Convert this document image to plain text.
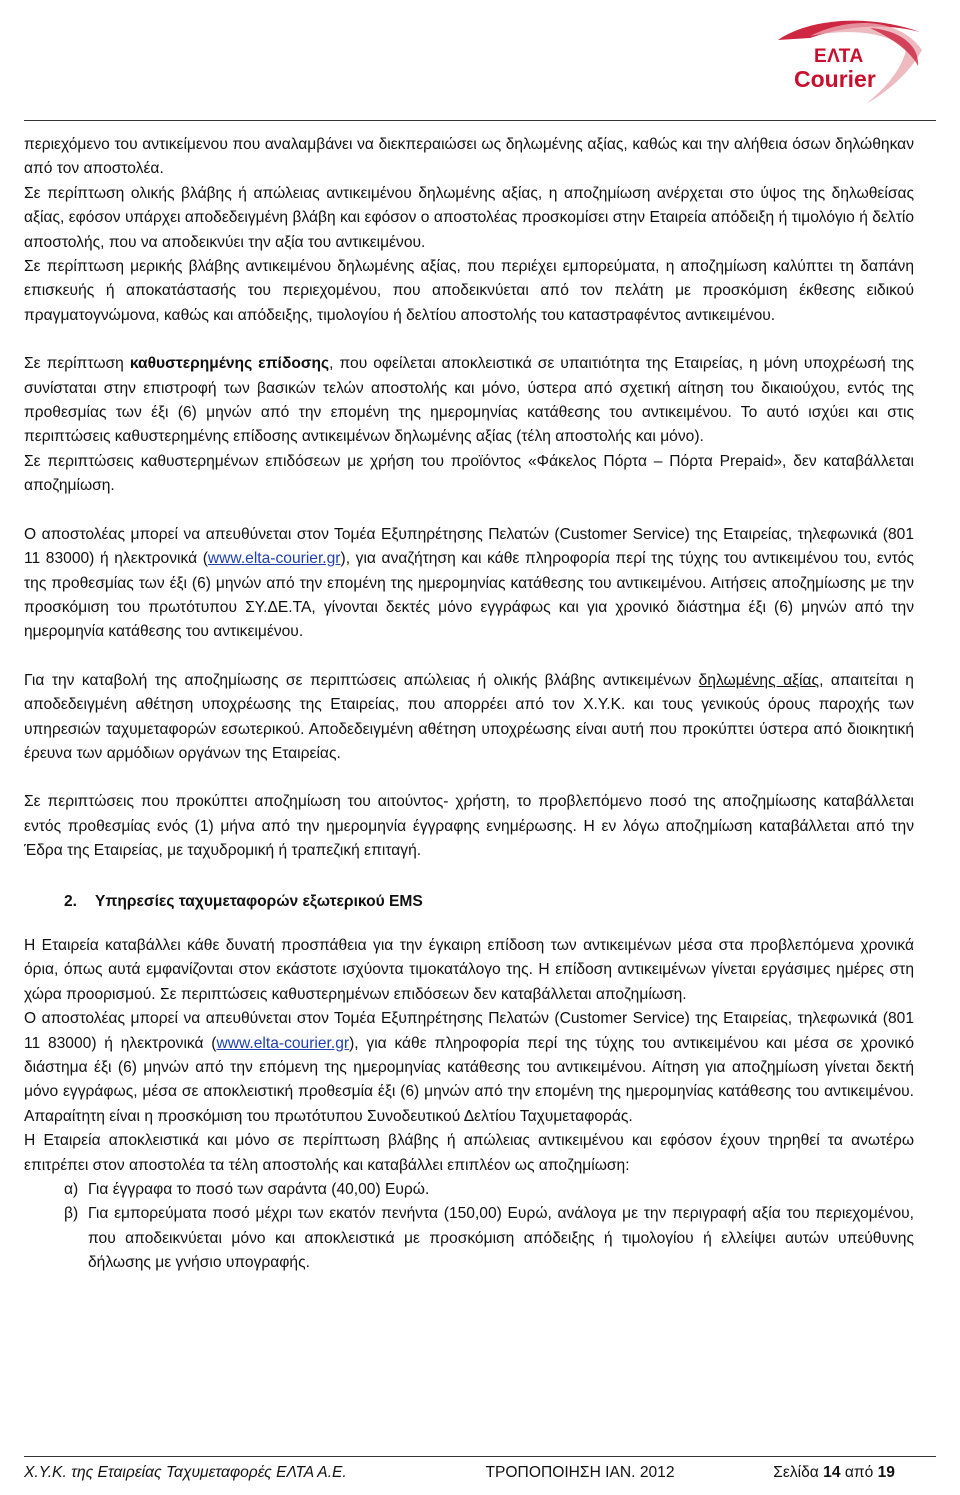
ΕΛΤΑ
Courier

περιεχόμενο του αντικείμενου που αναλαμβάνει να διεκπεραιώσει ως δηλωμένης αξίας, καθώς και την αλήθεια όσων δηλώθηκαν από τον αποστολέα.

Σε περίπτωση ολικής βλάβης ή απώλειας αντικειμένου δηλωμένης αξίας, η αποζημίωση ανέρχεται στο ύψος της δηλωθείσας αξίας, εφόσον υπάρχει αποδεδειγμένη βλάβη και εφόσον ο αποστολέας προσκομίσει στην Εταιρεία απόδειξη ή τιμολόγιο ή δελτίο αποστολής, που να αποδεικνύει την αξία του αντικειμένου.

Σε περίπτωση μερικής βλάβης αντικειμένου δηλωμένης αξίας, που περιέχει εμπορεύματα, η αποζημίωση καλύπτει τη δαπάνη επισκευής ή αποκατάστασής του περιεχομένου, που αποδεικνύεται από τον πελάτη με προσκόμιση έκθεσης ειδικού πραγματογνώμονα, καθώς και απόδειξης, τιμολογίου ή δελτίου αποστολής του καταστραφέντος αντικειμένου.

Σε περίπτωση καθυστερημένης επίδοσης, που οφείλεται αποκλειστικά σε υπαιτιότητα της Εταιρείας, η μόνη υποχρέωσή της συνίσταται στην επιστροφή των βασικών τελών αποστολής και μόνο, ύστερα από σχετική αίτηση του δικαιούχου, εντός της προθεσμίας των έξι (6) μηνών από την επομένη της ημερομηνίας κατάθεσης του αντικειμένου. Το αυτό ισχύει και στις περιπτώσεις καθυστερημένης επίδοσης αντικειμένων δηλωμένης αξίας (τέλη αποστολής και μόνο).

Σε περιπτώσεις καθυστερημένων επιδόσεων με χρήση του προϊόντος «Φάκελος Πόρτα – Πόρτα Prepaid», δεν καταβάλλεται αποζημίωση.

Ο αποστολέας μπορεί να απευθύνεται στον Τομέα Εξυπηρέτησης Πελατών (Customer Service) της Εταιρείας, τηλεφωνικά (801 11 83000) ή ηλεκτρονικά (www.elta-courier.gr), για αναζήτηση και κάθε πληροφορία περί της τύχης του αντικειμένου του, εντός της προθεσμίας των έξι (6) μηνών από την επομένη της ημερομηνίας κατάθεσης του αντικειμένου. Αιτήσεις αποζημίωσης με την προσκόμιση του πρωτότυπου ΣΥ.ΔΕ.ΤΑ, γίνονται δεκτές μόνο εγγράφως και για χρονικό διάστημα έξι (6) μηνών από την ημερομηνία κατάθεσης του αντικειμένου.

Για την καταβολή της αποζημίωσης σε περιπτώσεις απώλειας ή ολικής βλάβης αντικειμένων δηλωμένης αξίας, απαιτείται η αποδεδειγμένη αθέτηση υποχρέωσης της Εταιρείας, που απορρέει από τον Χ.Υ.Κ. και τους γενικούς όρους παροχής των υπηρεσιών ταχυμεταφορών εσωτερικού. Αποδεδειγμένη αθέτηση υποχρέωσης είναι αυτή που προκύπτει ύστερα από διοικητική έρευνα των αρμόδιων οργάνων της Εταιρείας.

Σε περιπτώσεις που προκύπτει αποζημίωση του αιτούντος- χρήστη, το προβλεπόμενο ποσό της αποζημίωσης καταβάλλεται εντός προθεσμίας ενός (1) μήνα από την ημερομηνία έγγραφης ενημέρωσης. Η εν λόγω αποζημίωση καταβάλλεται από την Έδρα της Εταιρείας, με ταχυδρομική ή τραπεζική επιταγή.

2. Υπηρεσίες ταχυμεταφορών εξωτερικού EMS

Η Εταιρεία καταβάλλει κάθε δυνατή προσπάθεια για την έγκαιρη επίδοση των αντικειμένων μέσα στα προβλεπόμενα χρονικά όρια, όπως αυτά εμφανίζονται στον εκάστοτε ισχύοντα τιμοκατάλογο της. Η επίδοση αντικειμένων γίνεται εργάσιμες ημέρες στη χώρα προορισμού. Σε περιπτώσεις καθυστερημένων επιδόσεων δεν καταβάλλεται αποζημίωση.

Ο αποστολέας μπορεί να απευθύνεται στον Τομέα Εξυπηρέτησης Πελατών (Customer Service) της Εταιρείας, τηλεφωνικά (801 11 83000) ή ηλεκτρονικά (www.elta-courier.gr), για κάθε πληροφορία περί της τύχης του αντικειμένου και μέσα σε χρονικό διάστημα έξι (6) μηνών από την επόμενη της ημερομηνίας κατάθεσης του αντικειμένου. Αίτηση για αποζημίωση γίνεται δεκτή μόνο εγγράφως, μέσα σε αποκλειστική προθεσμία έξι (6) μηνών από την επομένη της ημερομηνίας κατάθεσης του αντικειμένου. Απαραίτητη είναι η προσκόμιση του πρωτότυπου Συνοδευτικού Δελτίου Ταχυμεταφοράς.

Η Εταιρεία αποκλειστικά και μόνο σε περίπτωση βλάβης ή απώλειας αντικειμένου και εφόσον έχουν τηρηθεί τα ανωτέρω επιτρέπει στον αποστολέα τα τέλη αποστολής και καταβάλλει επιπλέον ως αποζημίωση:

α) Για έγγραφα το ποσό των σαράντα (40,00) Ευρώ.
β) Για εμπορεύματα ποσό μέχρι των εκατόν πενήντα (150,00) Ευρώ, ανάλογα με την περιγραφή αξία του περιεχομένου, που αποδεικνύεται μόνο και αποκλειστικά με προσκόμιση απόδειξης ή τιμολογίου ή ελλείψει αυτών υπεύθυνης δήλωσης με γνήσιο υπογραφής.
Χ.Υ.Κ. της Εταιρείας Ταχυμεταφορές ΕΛΤΑ Α.Ε.	ΤΡΟΠΟΠΟΙΗΣΗ ΙΑΝ. 2012	Σελίδα 14 από 19
